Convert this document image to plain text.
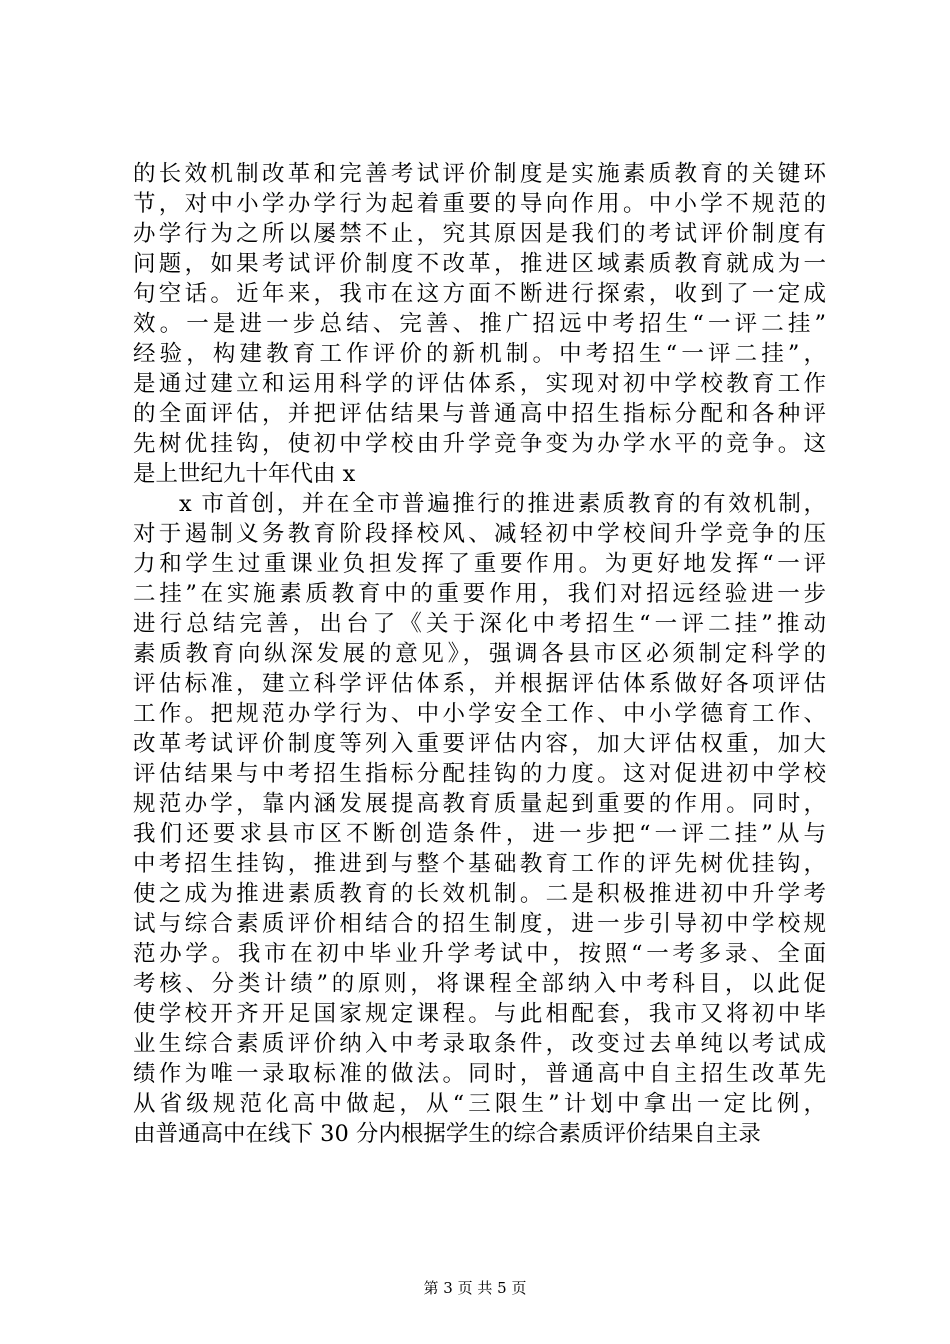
的长效机制改革和完善考试评价制度是实施素质教育的关键环
节，对中小学办学行为起着重要的导向作用。中小学不规范的
办学行为之所以屡禁不止，究其原因是我们的考试评价制度有
问题，如果考试评价制度不改革，推进区域素质教育就成为一
句空话。近年来，我市在这方面不断进行探索，收到了一定成
效。一是进一步总结、完善、推广招远中考招生“一评二挂”
经验，构建教育工作评价的新机制。中考招生“一评二挂”，
是通过建立和运用科学的评估体系，实现对初中学校教育工作
的全面评估，并把评估结果与普通高中招生指标分配和各种评
先树优挂钩，使初中学校由升学竞争变为办学水平的竞争。这
是上世纪九十年代由 x
x 市首创，并在全市普遍推行的推进素质教育的有效机制，
对于遏制义务教育阶段择校风、减轻初中学校间升学竞争的压
力和学生过重课业负担发挥了重要作用。为更好地发挥“一评
二挂”在实施素质教育中的重要作用，我们对招远经验进一步
进行总结完善，出台了《关于深化中考招生“一评二挂”推动
素质教育向纵深发展的意见》，强调各县市区必须制定科学的
评估标准，建立科学评估体系，并根据评估体系做好各项评估
工作。把规范办学行为、中小学安全工作、中小学德育工作、
改革考试评价制度等列入重要评估内容，加大评估权重，加大
评估结果与中考招生指标分配挂钩的力度。这对促进初中学校
规范办学，靠内涵发展提高教育质量起到重要的作用。同时，
我们还要求县市区不断创造条件，进一步把“一评二挂”从与
中考招生挂钩，推进到与整个基础教育工作的评先树优挂钩，
使之成为推进素质教育的长效机制。二是积极推进初中升学考
试与综合素质评价相结合的招生制度，进一步引导初中学校规
范办学。我市在初中毕业升学考试中，按照“一考多录、全面
考核、分类计绩”的原则，将课程全部纳入中考科目，以此促
使学校开齐开足国家规定课程。与此相配套，我市又将初中毕
业生综合素质评价纳入中考录取条件，改变过去单纯以考试成
绩作为唯一录取标准的做法。同时，普通高中自主招生改革先
从省级规范化高中做起，从“三限生”计划中拿出一定比例，
由普通高中在线下 30 分内根据学生的综合素质评价结果自主录
第 3 页 共 5 页
